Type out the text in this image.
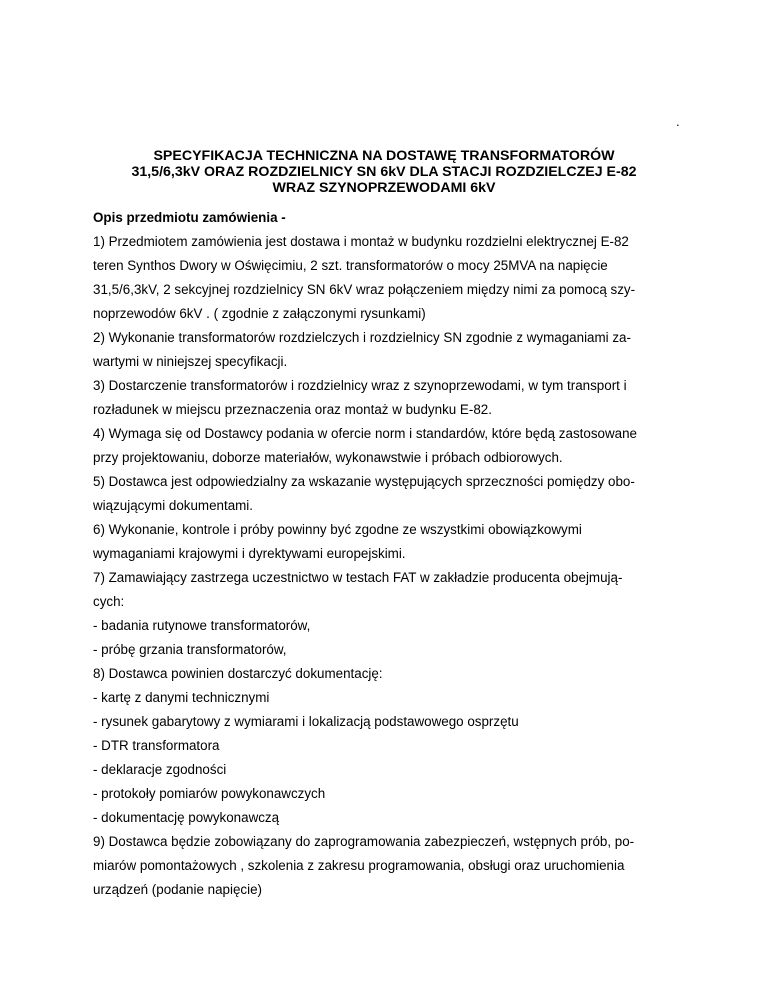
.
SPECYFIKACJA TECHNICZNA NA DOSTAWĘ TRANSFORMATORÓW
31,5/6,3kV ORAZ ROZDZIELNICY SN 6kV DLA STACJI ROZDZIELCZEJ E-82
WRAZ SZYNOPRZEWODAMI 6kV
Opis przedmiotu zamówienia -
1) Przedmiotem zamówienia jest dostawa i montaż w budynku rozdzielni elektrycznej E-82
teren Synthos Dwory w Oświęcimiu, 2 szt. transformatorów o mocy 25MVA na napięcie
31,5/6,3kV, 2 sekcyjnej rozdzielnicy SN 6kV wraz połączeniem między nimi za pomocą szy-
noprzewodów 6kV . ( zgodnie z załączonymi rysunkami)
2) Wykonanie transformatorów rozdzielczych i rozdzielnicy SN zgodnie z wymaganiami za-
wartymi w niniejszej specyfikacji.
3) Dostarczenie transformatorów i rozdzielnicy wraz z szynoprzewodami, w tym transport i
rozładunek w miejscu przeznaczenia oraz montaż w budynku E-82.
4) Wymaga się od Dostawcy podania w ofercie norm i standardów, które będą zastosowane
przy projektowaniu, doborze materiałów, wykonawstwie i próbach odbiorowych.
5) Dostawca jest odpowiedzialny za wskazanie występujących sprzeczności pomiędzy obo-
wiązującymi dokumentami.
6) Wykonanie, kontrole i próby powinny być zgodne ze wszystkimi obowiązkowymi
wymaganiami krajowymi i dyrektywami europejskimi.
7) Zamawiający zastrzega uczestnictwo w testach FAT w zakładzie producenta obejmują-
cych:
- badania rutynowe transformatorów,
- próbę grzania transformatorów,
8) Dostawca powinien dostarczyć dokumentację:
- kartę z danymi technicznymi
- rysunek gabarytowy z wymiarami i lokalizacją podstawowego osprzętu
- DTR transformatora
- deklaracje zgodności
- protokoły pomiarów powykonawczych
- dokumentację powykonawczą
9) Dostawca będzie zobowiązany do zaprogramowania zabezpieczeń, wstępnych prób, po-
miarów pomontażowych , szkolenia z zakresu programowania, obsługi oraz uruchomienia
urządzeń (podanie napięcie)
